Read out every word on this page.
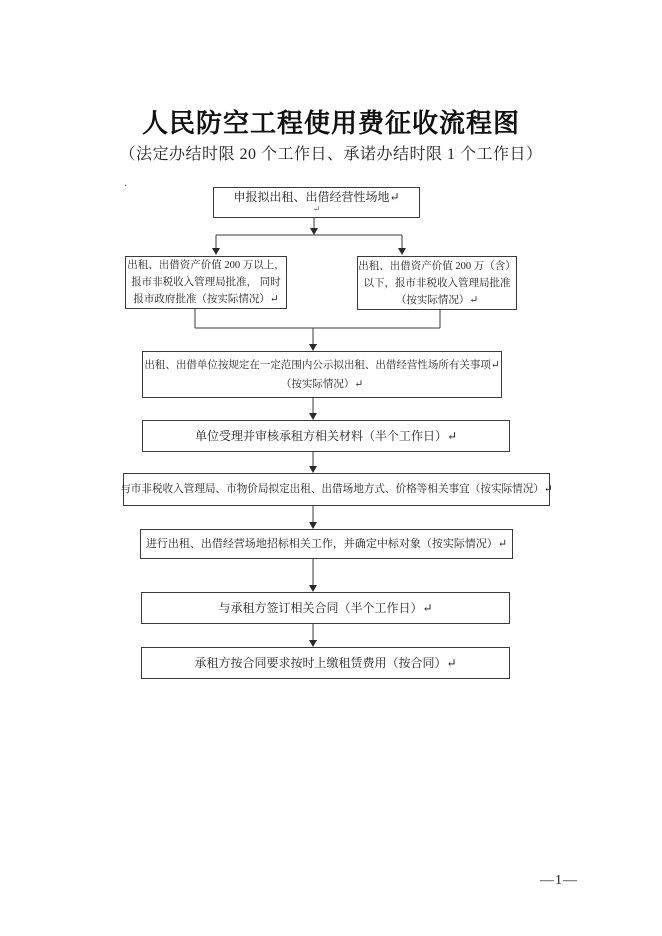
人民防空工程使用费征收流程图
（法定办结时限 20 个工作日、承诺办结时限 1 个工作日）
.
申报拟出租、出借经营性场地↵
↵
出租、出借资产价值 200 万以上，
报市非税收入管理局批准， 同时
报市政府批准（按实际情况）↵
出租、出借资产价值 200 万（含）
以下，报市非税收入管理局批准
（按实际情况）↵
出租、出借单位按规定在一定范围内公示拟出租、出借经营性场所有关事项↵
（按实际情况）↵
单位受理并审核承租方相关材料（半个工作日）↵
与市非税收入管理局、市物价局拟定出租、出借场地方式、价格等相关事宜（按实际情况）↵
进行出租、出借经营场地招标相关工作，并确定中标对象（按实际情况）↵
与承租方签订相关合同（半个工作日）↵
承租方按合同要求按时上缴租赁费用（按合同）↵
—1—
